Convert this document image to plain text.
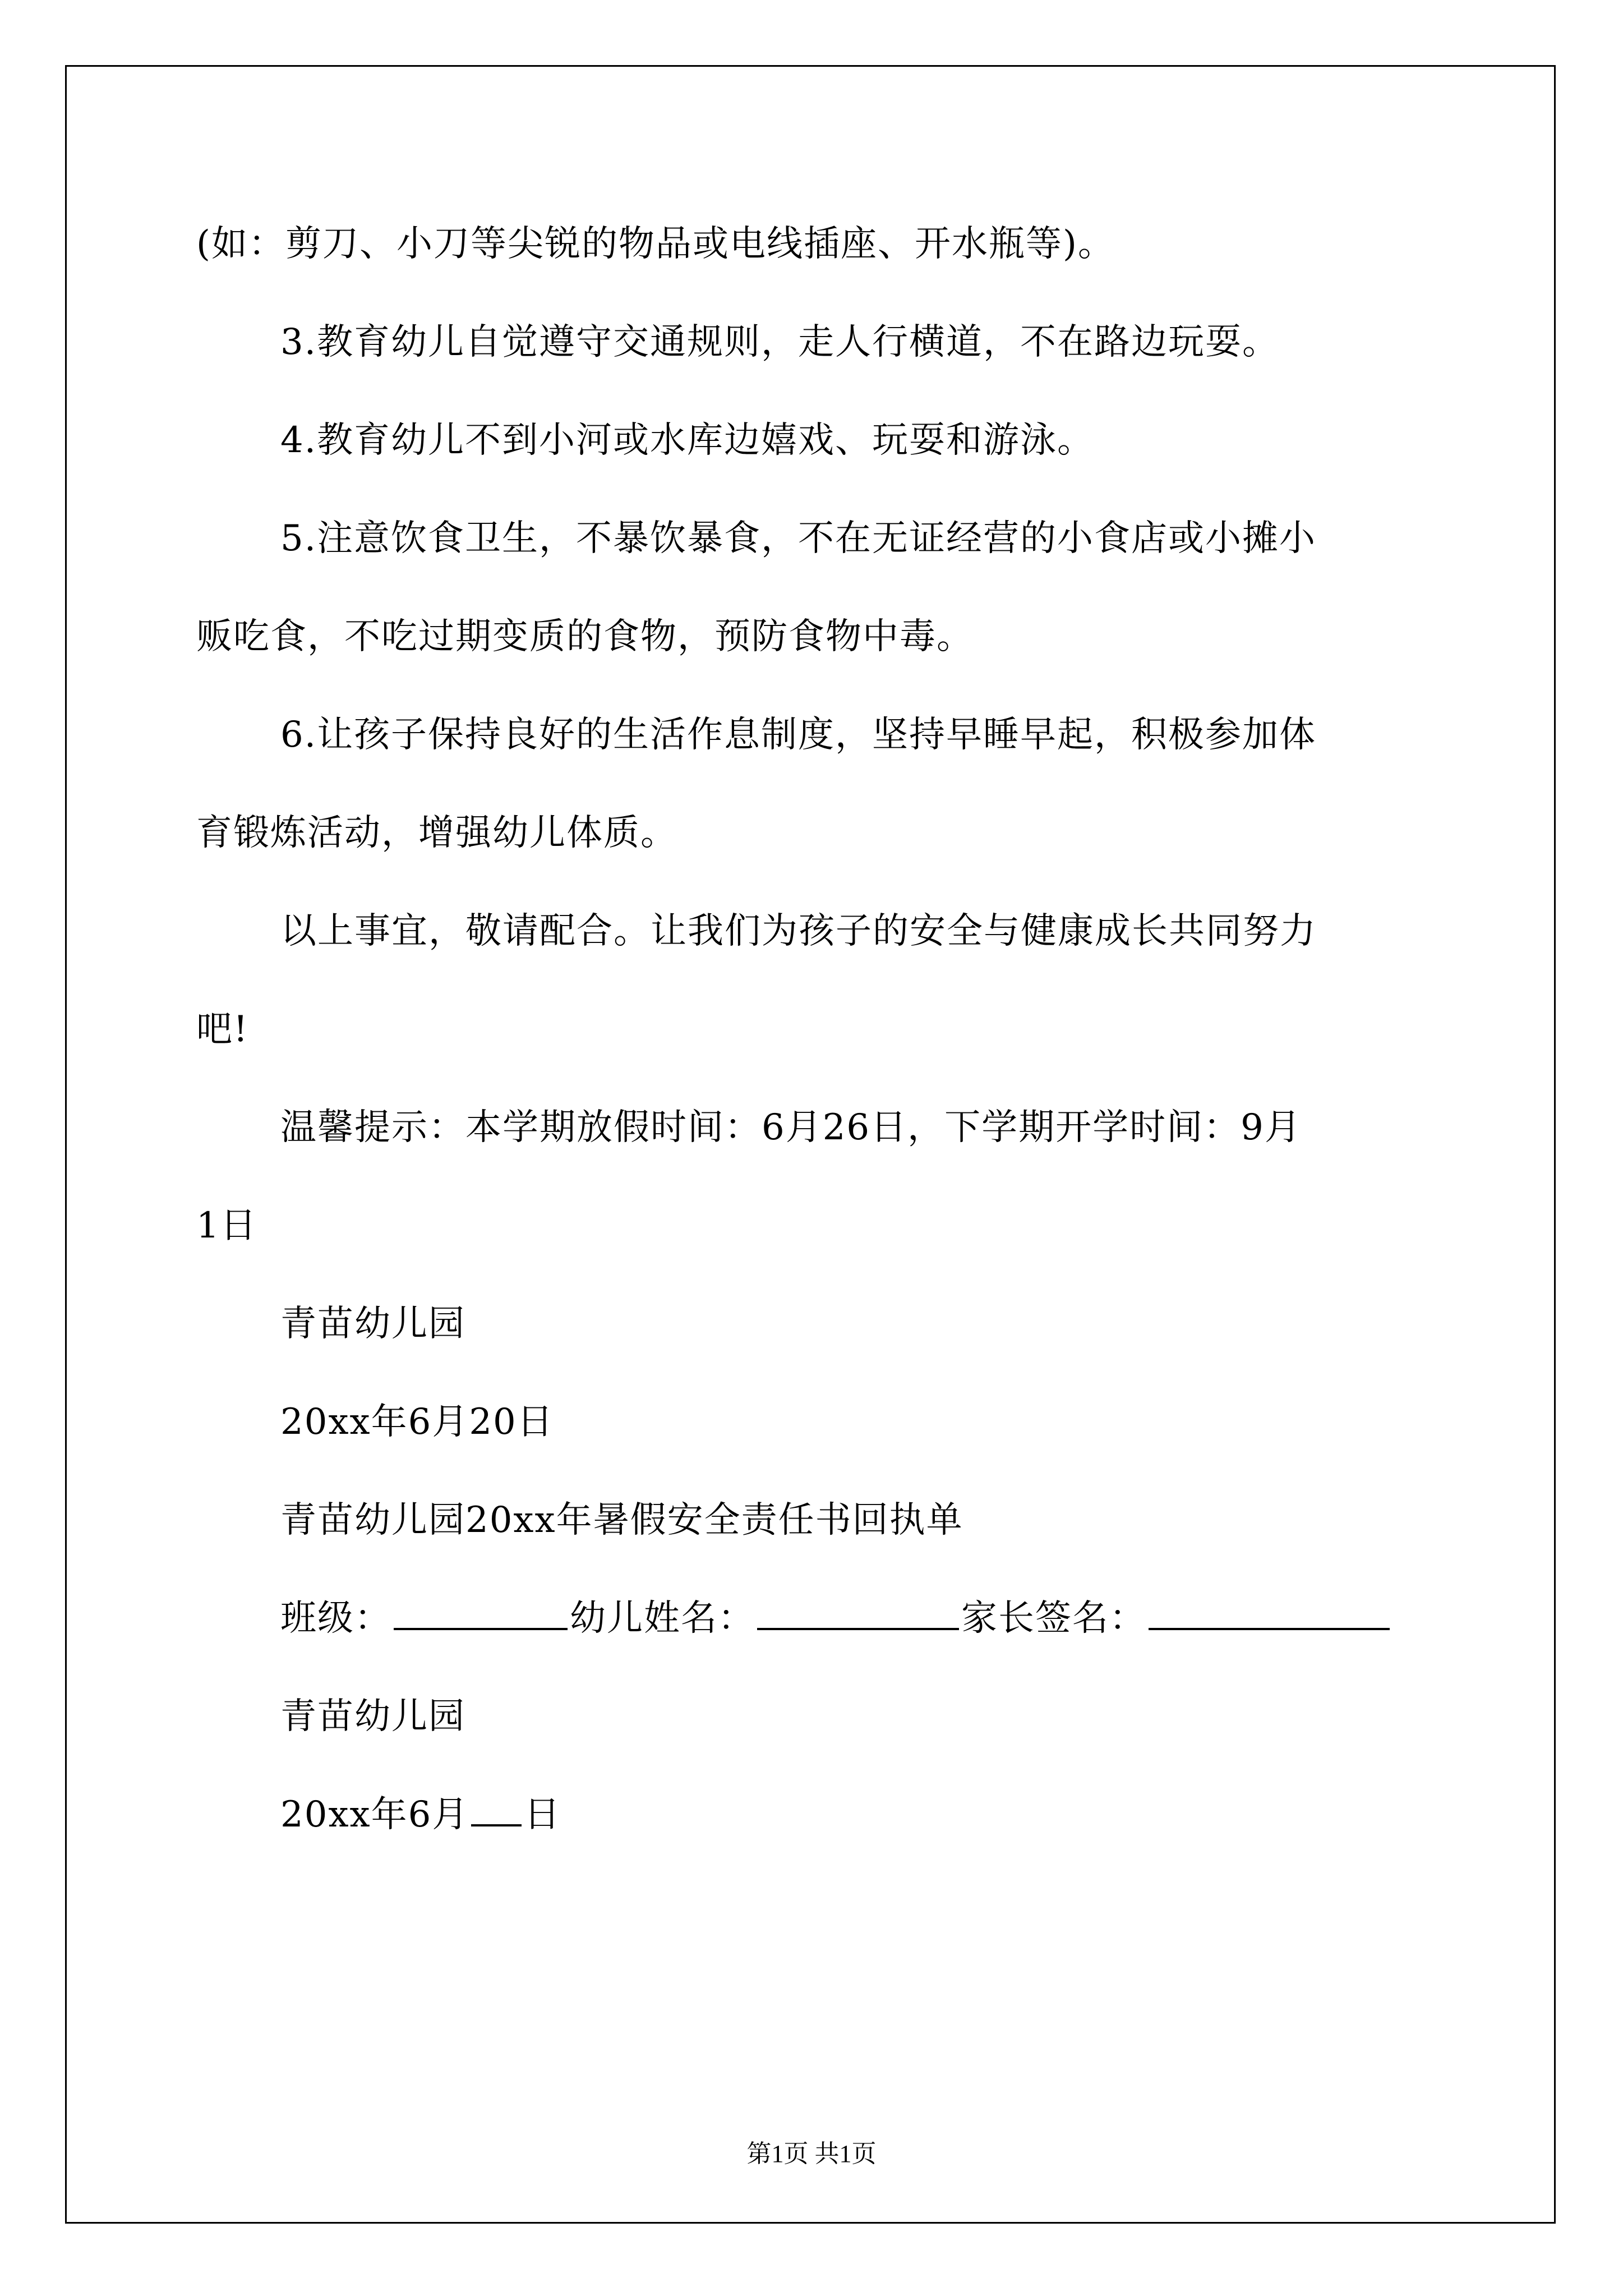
(如：剪刀、小刀等尖锐的物品或电线插座、开水瓶等)。
3.教育幼儿自觉遵守交通规则，走人行横道，不在路边玩耍。
4.教育幼儿不到小河或水库边嬉戏、玩耍和游泳。
5.注意饮食卫生，不暴饮暴食，不在无证经营的小食店或小摊小
贩吃食，不吃过期变质的食物，预防食物中毒。
6.让孩子保持良好的生活作息制度，坚持早睡早起，积极参加体
育锻炼活动，增强幼儿体质。
以上事宜，敬请配合。让我们为孩子的安全与健康成长共同努力
吧!
温馨提示：本学期放假时间：6月26日，下学期开学时间：9月
1日
青苗幼儿园
20xx年6月20日
青苗幼儿园20xx年暑假安全责任书回执单
班级：	幼儿姓名：	家长签名：
青苗幼儿园
20xx年6月 日
第1页 共1页
